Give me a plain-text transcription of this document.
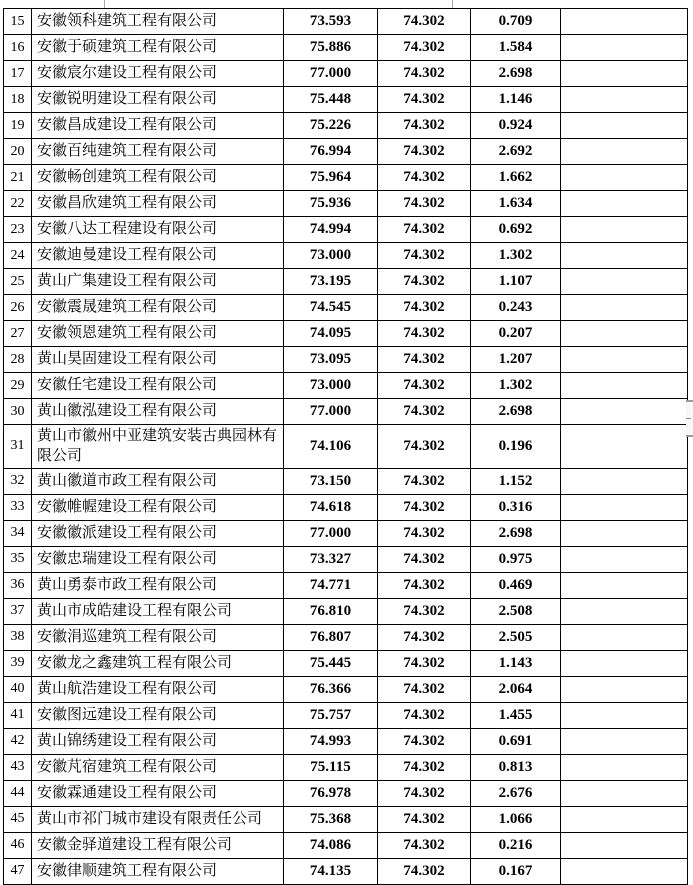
15	安徽领科建筑工程有限公司	73.593	74.302	0.709	
16	安徽于硕建筑工程有限公司	75.886	74.302	1.584	
17	安徽宸尔建设工程有限公司	77.000	74.302	2.698	
18	安徽锐明建设工程有限公司	75.448	74.302	1.146	
19	安徽昌成建设工程有限公司	75.226	74.302	0.924	
20	安徽百纯建筑工程有限公司	76.994	74.302	2.692	
21	安徽畅创建筑工程有限公司	75.964	74.302	1.662	
22	安徽昌欣建筑工程有限公司	75.936	74.302	1.634	
23	安徽八达工程建设有限公司	74.994	74.302	0.692	
24	安徽迪曼建设工程有限公司	73.000	74.302	1.302	
25	黄山广集建设工程有限公司	73.195	74.302	1.107	
26	安徽震晟建筑工程有限公司	74.545	74.302	0.243	
27	安徽领恩建筑工程有限公司	74.095	74.302	0.207	
28	黄山昊固建设工程有限公司	73.095	74.302	1.207	
29	安徽任宅建设工程有限公司	73.000	74.302	1.302	
30	黄山徽泓建设工程有限公司	77.000	74.302	2.698	
31	黄山市徽州中亚建筑安装古典园林有限公司	74.106	74.302	0.196	
32	黄山徽道市政工程有限公司	73.150	74.302	1.152	
33	安徽帷幄建设工程有限公司	74.618	74.302	0.316	
34	安徽徽派建设工程有限公司	77.000	74.302	2.698	
35	安徽忠瑞建设工程有限公司	73.327	74.302	0.975	
36	黄山勇泰市政工程有限公司	74.771	74.302	0.469	
37	黄山市成皓建设工程有限公司	76.810	74.302	2.508	
38	安徽涓巡建筑工程有限公司	76.807	74.302	2.505	
39	安徽龙之鑫建筑工程有限公司	75.445	74.302	1.143	
40	黄山航浩建设工程有限公司	76.366	74.302	2.064	
41	安徽图远建设工程有限公司	75.757	74.302	1.455	
42	黄山锦绣建设工程有限公司	74.993	74.302	0.691	
43	安徽芃宿建筑工程有限公司	75.115	74.302	0.813	
44	安徽霖通建设工程有限公司	76.978	74.302	2.676	
45	黄山市祁门城市建设有限责任公司	75.368	74.302	1.066	
46	安徽金驿道建设工程有限公司	74.086	74.302	0.216	
47	安徽律顺建筑工程有限公司	74.135	74.302	0.167	
